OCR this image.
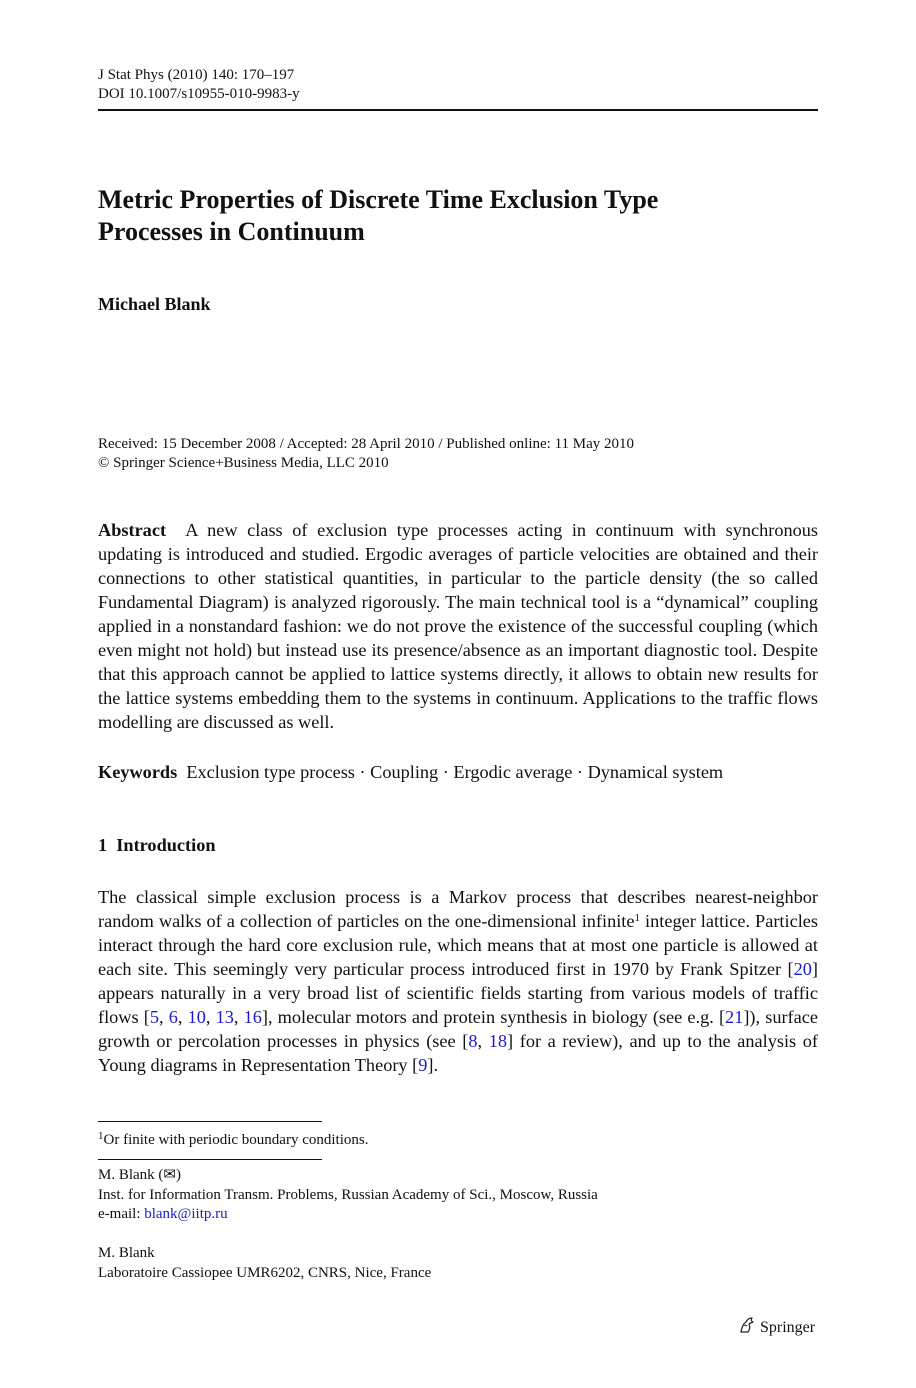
J Stat Phys (2010) 140: 170–197
DOI 10.1007/s10955-010-9983-y
Metric Properties of Discrete Time Exclusion Type
Processes in Continuum
Michael Blank
Received: 15 December 2008 / Accepted: 28 April 2010 / Published online: 11 May 2010
© Springer Science+Business Media, LLC 2010
Abstract A new class of exclusion type processes acting in continuum with synchronous updating is introduced and studied. Ergodic averages of particle velocities are obtained and their connections to other statistical quantities, in particular to the particle density (the so called Fundamental Diagram) is analyzed rigorously. The main technical tool is a “dynamical” coupling applied in a nonstandard fashion: we do not prove the existence of the successful coupling (which even might not hold) but instead use its presence/absence as an important diagnostic tool. Despite that this approach cannot be applied to lattice systems directly, it allows to obtain new results for the lattice systems embedding them to the systems in continuum. Applications to the traffic flows modelling are discussed as well.
Keywords Exclusion type process · Coupling · Ergodic average · Dynamical system
1 Introduction
The classical simple exclusion process is a Markov process that describes nearest-neighbor random walks of a collection of particles on the one-dimensional infinite$^1$ integer lattice. Particles interact through the hard core exclusion rule, which means that at most one particle is allowed at each site. This seemingly very particular process introduced first in 1970 by Frank Spitzer [20] appears naturally in a very broad list of scientific fields starting from various models of traffic flows [5, 6, 10, 13, 16], molecular motors and protein synthesis in biology (see e.g. [21]), surface growth or percolation processes in physics (see [8, 18] for a review), and up to the analysis of Young diagrams in Representation Theory [9].
$^1$Or finite with periodic boundary conditions.
M. Blank (✉)
Inst. for Information Transm. Problems, Russian Academy of Sci., Moscow, Russia
e-mail: blank@iitp.ru
M. Blank
Laboratoire Cassiopee UMR6202, CNRS, Nice, France
Springer
